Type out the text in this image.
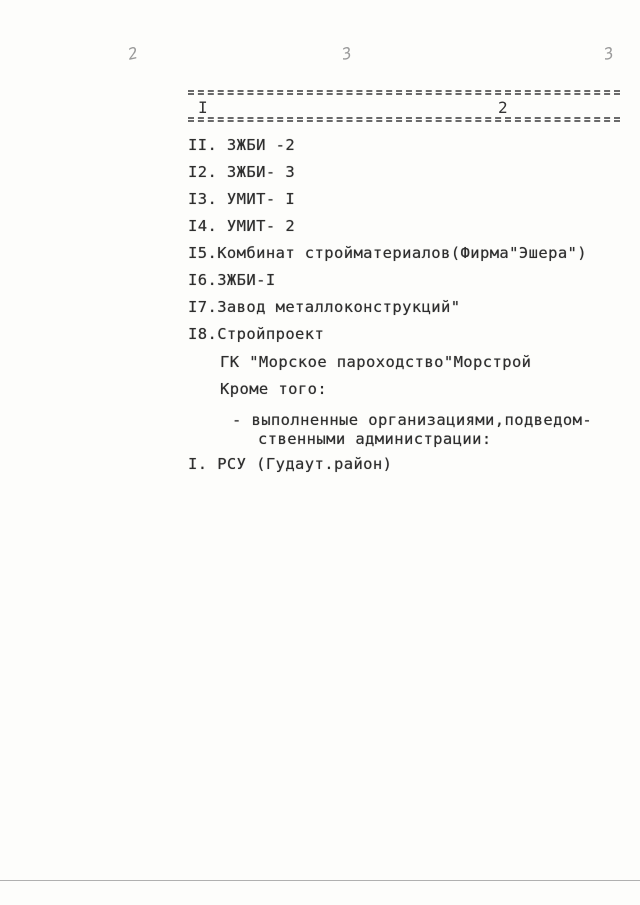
2	3	3
I	2
II. ЗЖБИ -2
I2. ЗЖБИ- 3
I3. УМИТ- I
I4. УМИТ- 2
I5.Комбинат стройматериалов(Фирма"Эшера")
I6.ЗЖБИ-I
I7.Завод металлоконструкций"
I8.Стройпроект
ГК "Морское пароходство"Морстрой
Кроме того:
- выполненные организациями,подведом-
ственными администрации:
I. РСУ (Гудаут.район)
